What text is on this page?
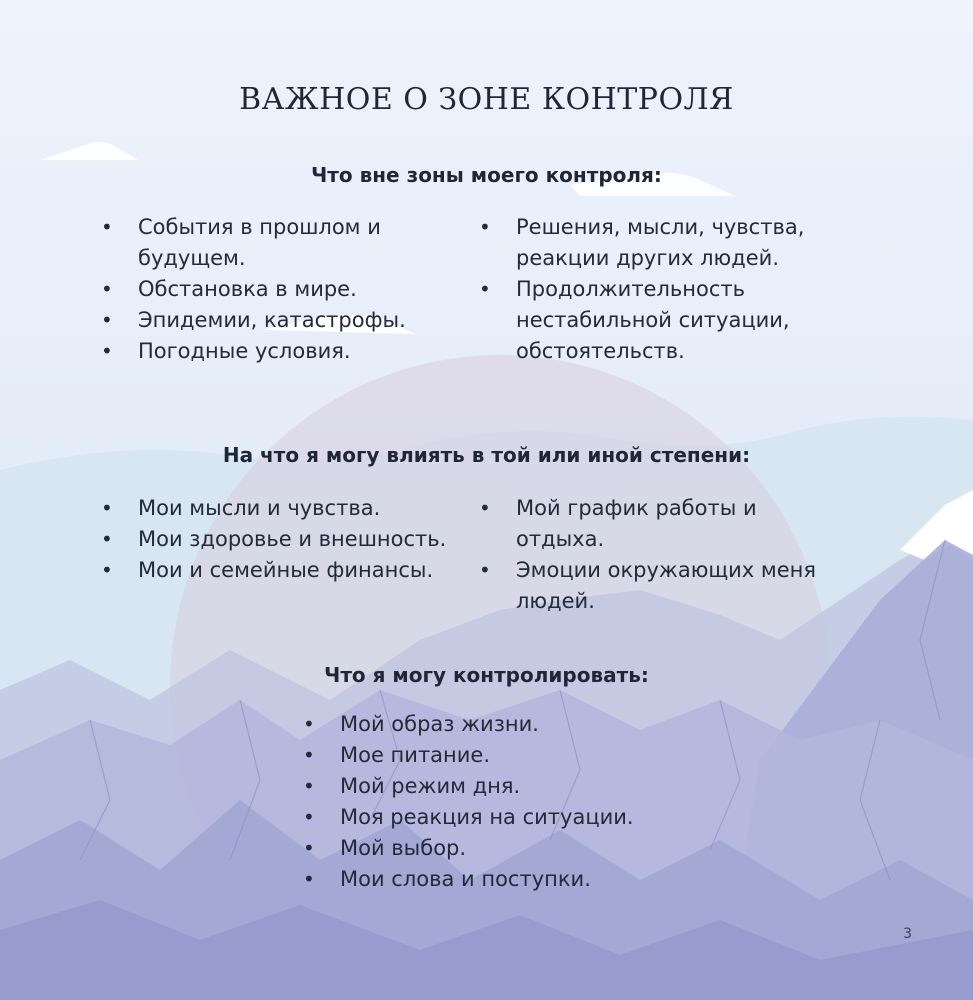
ВАЖНОЕ О ЗОНЕ КОНТРОЛЯ
Что вне зоны моего контроля:
• События в прошлом и будущем.
• Обстановка в мире.
• Эпидемии, катастрофы.
• Погодные условия.
• Решения, мысли, чувства, реакции других людей.
• Продолжительность нестабильной ситуации, обстоятельств.
На что я могу влиять в той или иной степени:
• Мои мысли и чувства.
• Мои здоровье и внешность.
• Мои и семейные финансы.
• Мой график работы и отдыха.
• Эмоции окружающих меня людей.
Что я могу контролировать:
• Мой образ жизни.
• Мое питание.
• Мой режим дня.
• Моя реакция на ситуации.
• Мой выбор.
• Мои слова и поступки.
3
